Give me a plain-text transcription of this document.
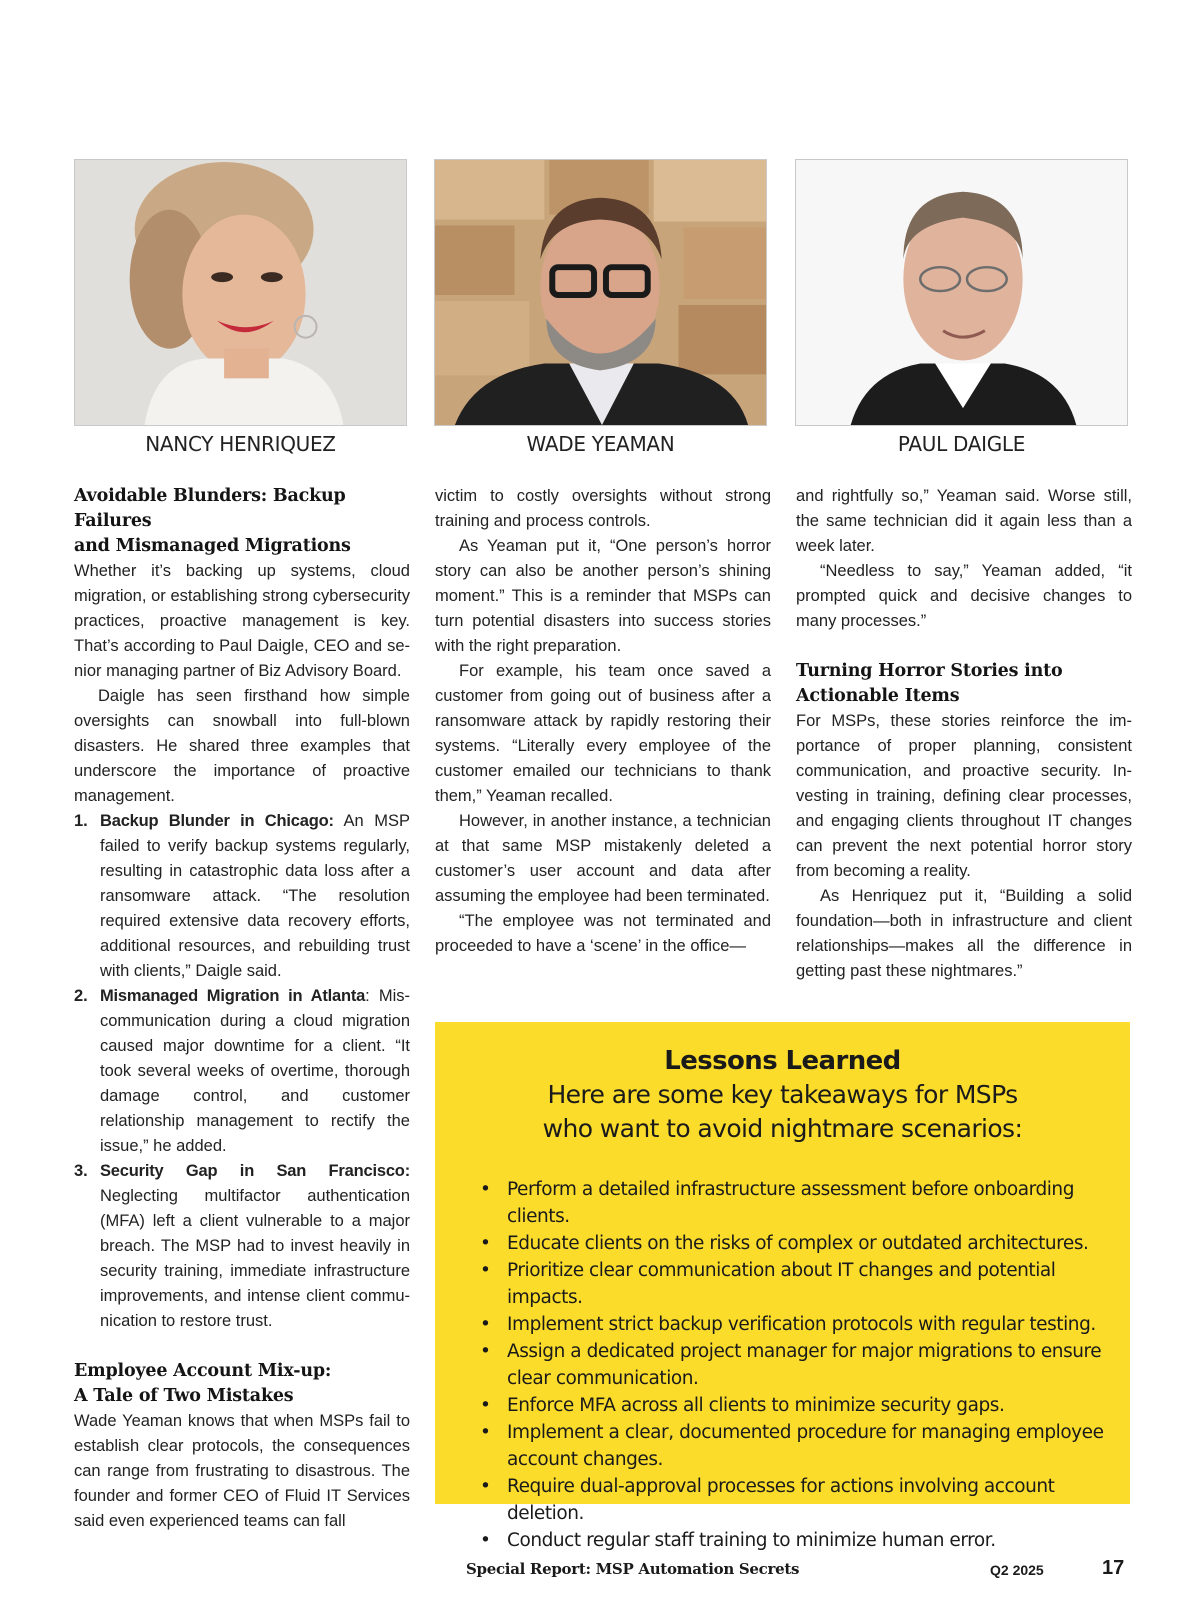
NANCY HENRIQUEZ	WADE YEAMAN	PAUL DAIGLE
Avoidable Blunders: Backup Failures
and Mismanaged Migrations

Whether it’s backing up systems, cloud migration, or establishing strong cybersecurity practices, proactive management is key. That’s according to Paul Daigle, CEO and senior managing partner of Biz Advisory Board.

Daigle has seen firsthand how simple oversights can snowball into full-blown disasters. He shared three examples that underscore the importance of proactive management.

1. Backup Blunder in Chicago: An MSP failed to verify backup systems regularly, resulting in catastrophic data loss after a ransomware attack. “The resolution required extensive data recovery efforts, additional resources, and rebuilding trust with clients,” Daigle said.
2. Mismanaged Migration in Atlanta: Miscommunication during a cloud migration caused major downtime for a client. “It took several weeks of overtime, thorough damage control, and customer relationship management to rectify the issue,” he added.
3. Security Gap in San Francisco: Neglecting multifactor authentication (MFA) left a client vulnerable to a major breach. The MSP had to invest heavily in security training, immediate infrastructure improvements, and intense client communication to restore trust.
Employee Account Mix-up:
A Tale of Two Mistakes

Wade Yeaman knows that when MSPs fail to establish clear protocols, the consequences can range from frustrating to disastrous. The founder and former CEO of Fluid IT Services said even experienced teams can fall

victim to costly oversights without strong training and process controls.

As Yeaman put it, “One person’s horror story can also be another person’s shining moment.” This is a reminder that MSPs can turn potential disasters into success stories with the right preparation.

For example, his team once saved a customer from going out of business after a ransomware attack by rapidly restoring their systems. “Literally every employee of the customer emailed our technicians to thank them,” Yeaman recalled.

However, in another instance, a technician at that same MSP mistakenly deleted a customer’s user account and data after assuming the employee had been terminated.

“The employee was not terminated and proceeded to have a ‘scene’ in the office—

and rightfully so,” Yeaman said. Worse still, the same technician did it again less than a week later.

“Needless to say,” Yeaman added, “it prompted quick and decisive changes to many processes.”

Turning Horror Stories into
Actionable Items

For MSPs, these stories reinforce the importance of proper planning, consistent communication, and proactive security. Investing in training, defining clear processes, and engaging clients throughout IT changes can prevent the next potential horror story from becoming a reality.

As Henriquez put it, “Building a solid foundation—both in infrastructure and client relationships—makes all the difference in getting past these nightmares.”

Lessons Learned
Here are some key takeaways for MSPs
who want to avoid nightmare scenarios:
• Perform a detailed infrastructure assessment before onboarding clients.
• Educate clients on the risks of complex or outdated architectures.
• Prioritize clear communication about IT changes and potential impacts.
• Implement strict backup verification protocols with regular testing.
• Assign a dedicated project manager for major migrations to ensure clear communication.
• Enforce MFA across all clients to minimize security gaps.
• Implement a clear, documented procedure for managing employee account changes.
• Require dual-approval processes for actions involving account deletion.
• Conduct regular staff training to minimize human error.
Special Report: MSP Automation Secrets	Q2 2025	17
